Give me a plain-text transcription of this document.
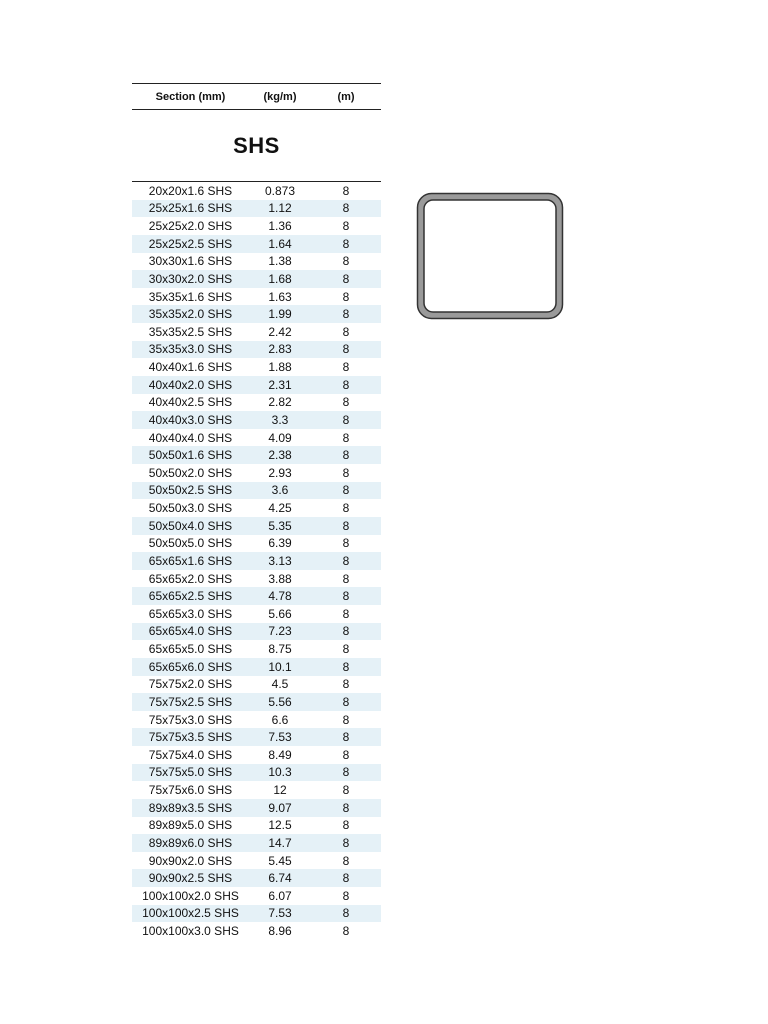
Section (mm)	(kg/m)	(m)
SHS
20x20x1.6 SHS	0.873	8
25x25x1.6 SHS	1.12	8
25x25x2.0 SHS	1.36	8
25x25x2.5 SHS	1.64	8
30x30x1.6 SHS	1.38	8
30x30x2.0 SHS	1.68	8
35x35x1.6 SHS	1.63	8
35x35x2.0 SHS	1.99	8
35x35x2.5 SHS	2.42	8
35x35x3.0 SHS	2.83	8
40x40x1.6 SHS	1.88	8
40x40x2.0 SHS	2.31	8
40x40x2.5 SHS	2.82	8
40x40x3.0 SHS	3.3	8
40x40x4.0 SHS	4.09	8
50x50x1.6 SHS	2.38	8
50x50x2.0 SHS	2.93	8
50x50x2.5 SHS	3.6	8
50x50x3.0 SHS	4.25	8
50x50x4.0 SHS	5.35	8
50x50x5.0 SHS	6.39	8
65x65x1.6 SHS	3.13	8
65x65x2.0 SHS	3.88	8
65x65x2.5 SHS	4.78	8
65x65x3.0 SHS	5.66	8
65x65x4.0 SHS	7.23	8
65x65x5.0 SHS	8.75	8
65x65x6.0 SHS	10.1	8
75x75x2.0 SHS	4.5	8
75x75x2.5 SHS	5.56	8
75x75x3.0 SHS	6.6	8
75x75x3.5 SHS	7.53	8
75x75x4.0 SHS	8.49	8
75x75x5.0 SHS	10.3	8
75x75x6.0 SHS	12	8
89x89x3.5 SHS	9.07	8
89x89x5.0 SHS	12.5	8
89x89x6.0 SHS	14.7	8
90x90x2.0 SHS	5.45	8
90x90x2.5 SHS	6.74	8
100x100x2.0 SHS	6.07	8
100x100x2.5 SHS	7.53	8
100x100x3.0 SHS	8.96	8
